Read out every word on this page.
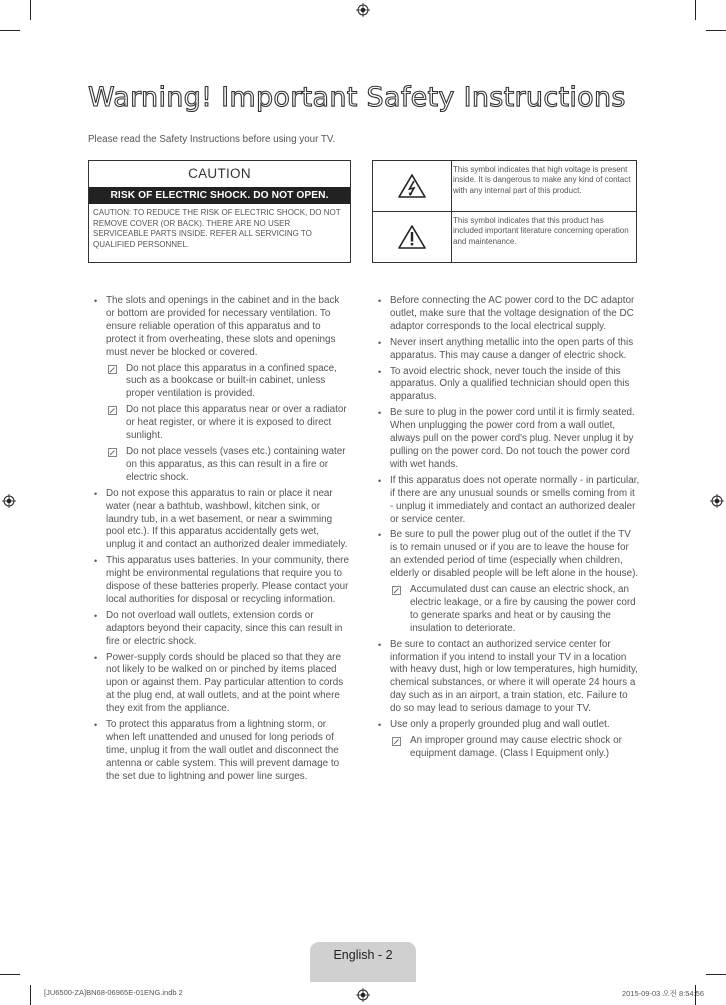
Warning! Important Safety Instructions
Please read the Safety Instructions before using your TV.
CAUTION
RISK OF ELECTRIC SHOCK. DO NOT OPEN.
CAUTION: TO REDUCE THE RISK OF ELECTRIC SHOCK, DO NOT REMOVE COVER (OR BACK). THERE ARE NO USER SERVICEABLE PARTS INSIDE. REFER ALL SERVICING TO QUALIFIED PERSONNEL.
This symbol indicates that high voltage is present inside. It is dangerous to make any kind of contact with any internal part of this product.
This symbol indicates that this product has included important literature concerning operation and maintenance.
• The slots and openings in the cabinet and in the back or bottom are provided for necessary ventilation. To ensure reliable operation of this apparatus and to protect it from overheating, these slots and openings must never be blocked or covered.
Do not place this apparatus in a confined space, such as a bookcase or built-in cabinet, unless proper ventilation is provided.
Do not place this apparatus near or over a radiator or heat register, or where it is exposed to direct sunlight.
Do not place vessels (vases etc.) containing water on this apparatus, as this can result in a fire or electric shock.
• Do not expose this apparatus to rain or place it near water (near a bathtub, washbowl, kitchen sink, or laundry tub, in a wet basement, or near a swimming pool etc.). If this apparatus accidentally gets wet, unplug it and contact an authorized dealer immediately.
• This apparatus uses batteries. In your community, there might be environmental regulations that require you to dispose of these batteries properly. Please contact your local authorities for disposal or recycling information.
• Do not overload wall outlets, extension cords or adaptors beyond their capacity, since this can result in fire or electric shock.
• Power-supply cords should be placed so that they are not likely to be walked on or pinched by items placed upon or against them. Pay particular attention to cords at the plug end, at wall outlets, and at the point where they exit from the appliance.
• To protect this apparatus from a lightning storm, or when left unattended and unused for long periods of time, unplug it from the wall outlet and disconnect the antenna or cable system. This will prevent damage to the set due to lightning and power line surges.
• Before connecting the AC power cord to the DC adaptor outlet, make sure that the voltage designation of the DC adaptor corresponds to the local electrical supply.
• Never insert anything metallic into the open parts of this apparatus. This may cause a danger of electric shock.
• To avoid electric shock, never touch the inside of this apparatus. Only a qualified technician should open this apparatus.
• Be sure to plug in the power cord until it is firmly seated. When unplugging the power cord from a wall outlet, always pull on the power cord's plug. Never unplug it by pulling on the power cord. Do not touch the power cord with wet hands.
• If this apparatus does not operate normally - in particular, if there are any unusual sounds or smells coming from it - unplug it immediately and contact an authorized dealer or service center.
• Be sure to pull the power plug out of the outlet if the TV is to remain unused or if you are to leave the house for an extended period of time (especially when children, elderly or disabled people will be left alone in the house).
Accumulated dust can cause an electric shock, an electric leakage, or a fire by causing the power cord to generate sparks and heat or by causing the insulation to deteriorate.
• Be sure to contact an authorized service center for information if you intend to install your TV in a location with heavy dust, high or low temperatures, high humidity, chemical substances, or where it will operate 24 hours a day such as in an airport, a train station, etc. Failure to do so may lead to serious damage to your TV.
• Use only a properly grounded plug and wall outlet.
An improper ground may cause electric shock or equipment damage. (Class l Equipment only.)
English - 2
[JU6500-ZA]BN68-06965E-01ENG.indb 2	2015-09-03 오전 8:54:56
